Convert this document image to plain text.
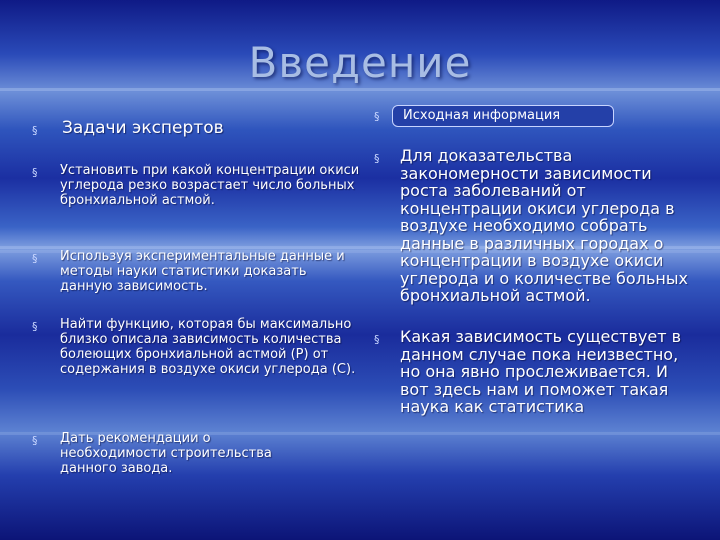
Введение
§ Задачи экспертов
§ Установить при какой концентрации окиси углерода резко возрастает число больных бронхиальной астмой.
§ Используя экспериментальные данные и методы науки статистики доказать данную зависимость.
§ Найти функцию, которая бы максимально близко описала зависимость количества болеющих бронхиальной астмой (P) от содержания в воздухе окиси углерода (C).
§ Дать рекомендации о необходимости строительства данного завода.
§	Исходная информация
§ Для доказательства закономерности зависимости роста заболеваний от концентрации окиси углерода в воздухе необходимо собрать данные в различных городах о концентрации в воздухе окиси углерода и о количестве больных бронхиальной астмой.
§ Какая зависимость существует в данном случае пока неизвестно, но она явно прослеживается. И вот здесь нам и поможет такая наука как статистика
